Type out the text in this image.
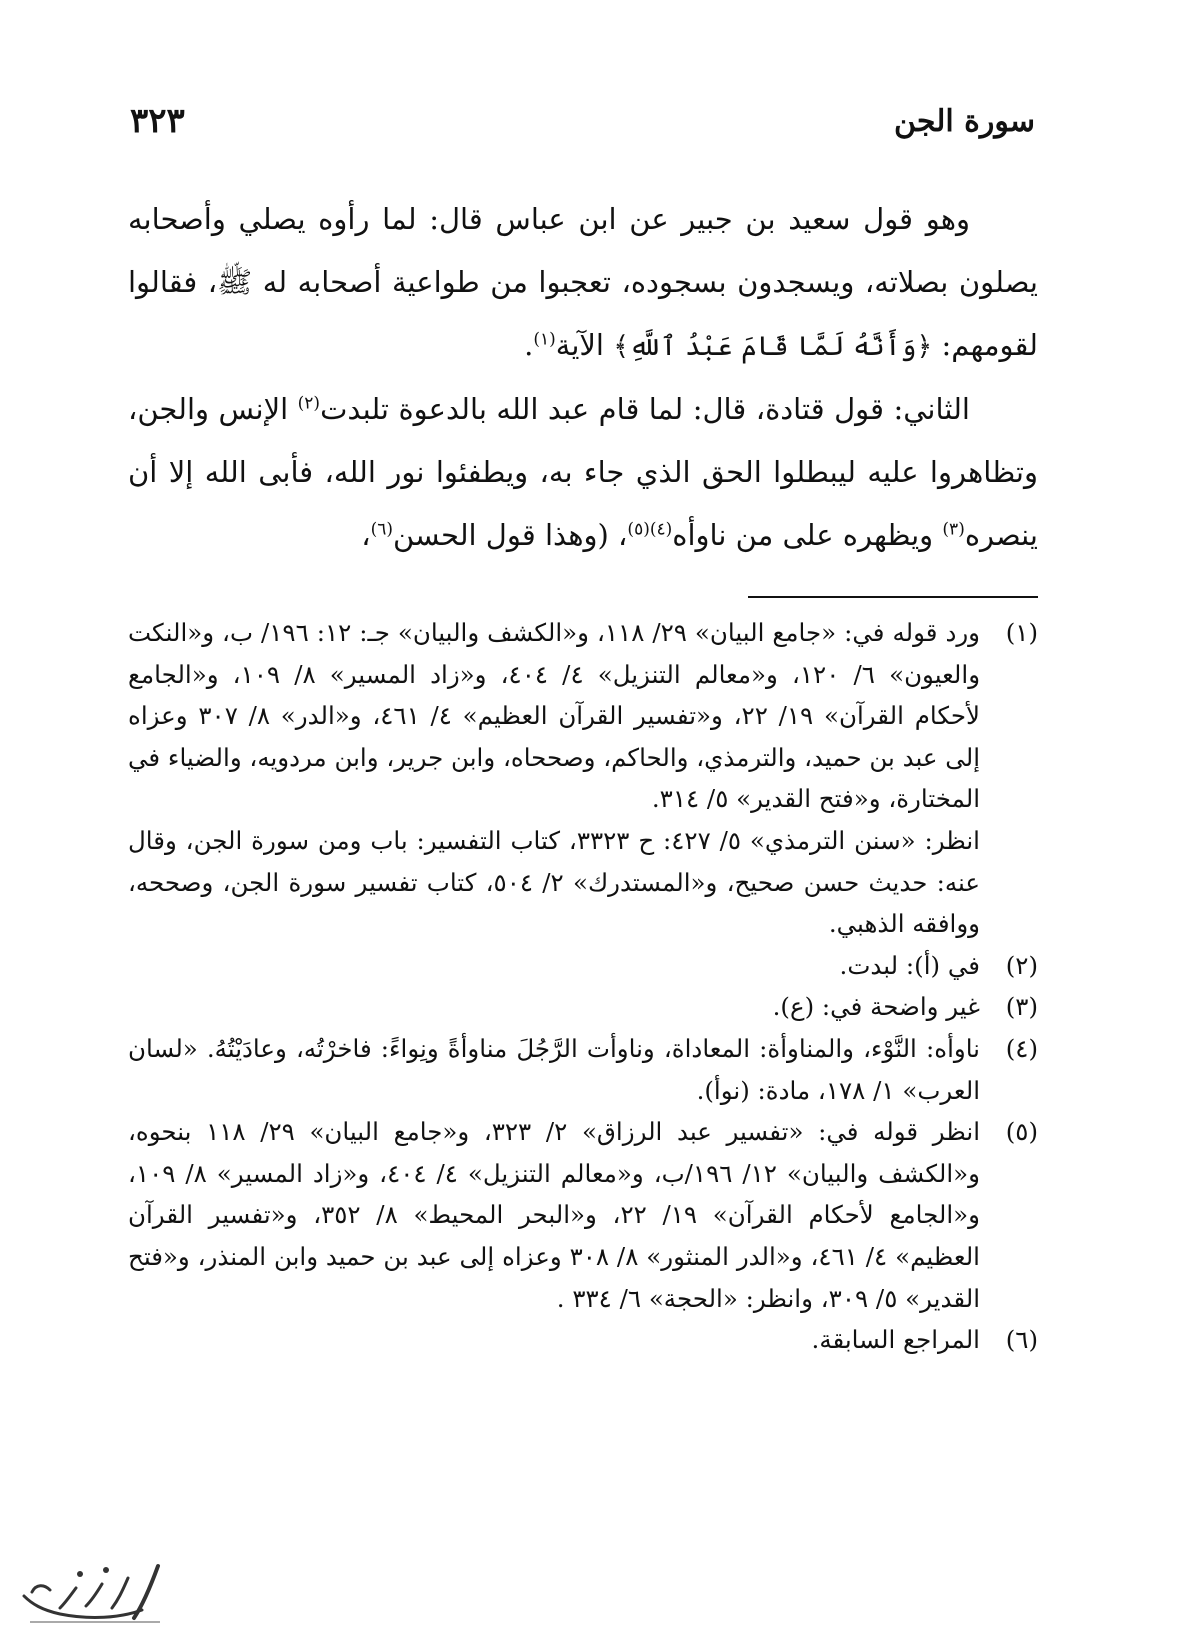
٣٢٣	سورة الجن

وهو قول سعيد بن جبير عن ابن عباس قال: لما رأوه يصلي وأصحابه يصلون بصلاته، ويسجدون بسجوده، تعجبوا من طواعية أصحابه له ﷺ، فقالوا لقومهم: ﴿وَأَنَّهُ لَمَّا قَامَ عَبْدُ ٱللَّهِ﴾ الآية$^{(١)}$.

الثاني: قول قتادة، قال: لما قام عبد الله بالدعوة تلبدت$^{(٢)}$ الإنس والجن، وتظاهروا عليه ليبطلوا الحق الذي جاء به، ويطفئوا نور الله، فأبى الله إلا أن ينصره$^{(٣)}$ ويظهره على من ناوأه$^{(٤)(٥)}$، (وهذا قول الحسن$^{(٦)}$،

(١)
ورد قوله في: «جامع البيان» ٢٩/ ١١٨، و«الكشف والبيان» جـ: ١٢: ١٩٦/ ب، و«النكت والعيون» ٦/ ١٢٠، و«معالم التنزيل» ٤/ ٤٠٤، و«زاد المسير» ٨/ ١٠٩، و«الجامع لأحكام القرآن» ١٩/ ٢٢، و«تفسير القرآن العظيم» ٤/ ٤٦١، و«الدر» ٨/ ٣٠٧ وعزاه إلى عبد بن حميد، والترمذي، والحاكم، وصححاه، وابن جرير، وابن مردويه، والضياء في المختارة، و«فتح القدير» ٥/ ٣١٤.
انظر: «سنن الترمذي» ٥/ ٤٢٧: ح ٣٣٢٣، كتاب التفسير: باب ومن سورة الجن، وقال عنه: حديث حسن صحيح، و«المستدرك» ٢/ ٥٠٤، كتاب تفسير سورة الجن، وصححه، ووافقه الذهبي.
(٢)
في (أ): لبدت.
(٣)
غير واضحة في: (ع).
(٤)
ناوأه: النَّوْء، والمناوأة: المعاداة، وناوأت الرَّجُلَ مناوأةً ونِواءً: فاخرْتُه، وعادَيْتُهُ. «لسان العرب» ١/ ١٧٨، مادة: (نوأ).
(٥)
انظر قوله في: «تفسير عبد الرزاق» ٢/ ٣٢٣، و«جامع البيان» ٢٩/ ١١٨ بنحوه، و«الكشف والبيان» ١٢/ ١٩٦/ب، و«معالم التنزيل» ٤/ ٤٠٤، و«زاد المسير» ٨/ ١٠٩، و«الجامع لأحكام القرآن» ١٩/ ٢٢، و«البحر المحيط» ٨/ ٣٥٢، و«تفسير القرآن العظيم» ٤/ ٤٦١، و«الدر المنثور» ٨/ ٣٠٨ وعزاه إلى عبد بن حميد وابن المنذر، و«فتح القدير» ٥/ ٣٠٩، وانظر: «الحجة» ٦/ ٣٣٤ .
(٦)
المراجع السابقة.
